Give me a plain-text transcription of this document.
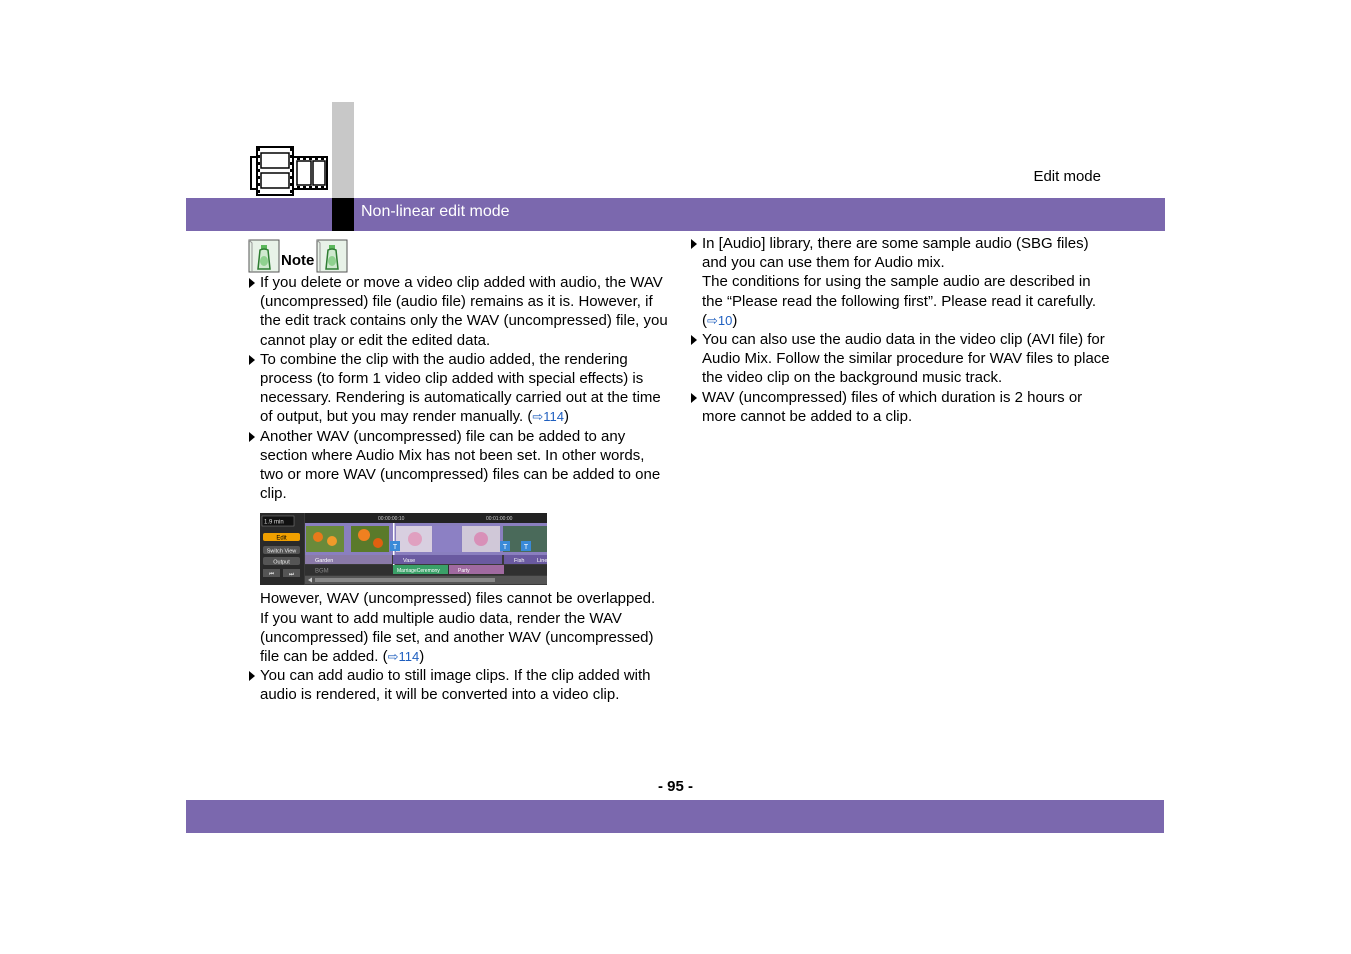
Edit mode
Non-linear edit mode
Note
If you delete or move a video clip added with audio, the WAV (uncompressed) file (audio file) remains as it is. However, if the edit track contains only the WAV (uncompressed) file, you cannot play or edit the edited data.
To combine the clip with the audio added, the rendering process (to form 1 video clip added with special effects) is necessary. Rendering is automatically carried out at the time of output, but you may render manually. (⇨114)
Another WAV (uncompressed) file can be added to any section where Audio Mix has not been set. In other words, two or more WAV (uncompressed) files can be added to one clip.
1.9 min
Edit
Switch View
Output
⏮	⏭
00:00:00:10	00:01:00:00
T	T T
Garden	Vase	Fish Lines
BGM	MarriageCeremony	Party
However, WAV (uncompressed) files cannot be overlapped.
If you want to add multiple audio data, render the WAV (uncompressed) file set, and another WAV (uncompressed) file can be added. (⇨114)
You can add audio to still image clips. If the clip added with audio is rendered, it will be converted into a video clip.
In [Audio] library, there are some sample audio (SBG files) and you can use them for Audio mix.
The conditions for using the sample audio are described in the “Please read the following first”. Please read it carefully. (⇨10)
You can also use the audio data in the video clip (AVI file) for Audio Mix. Follow the similar procedure for WAV files to place the video clip on the background music track.
WAV (uncompressed) files of which duration is 2 hours or more cannot be added to a clip.
- 95 -
